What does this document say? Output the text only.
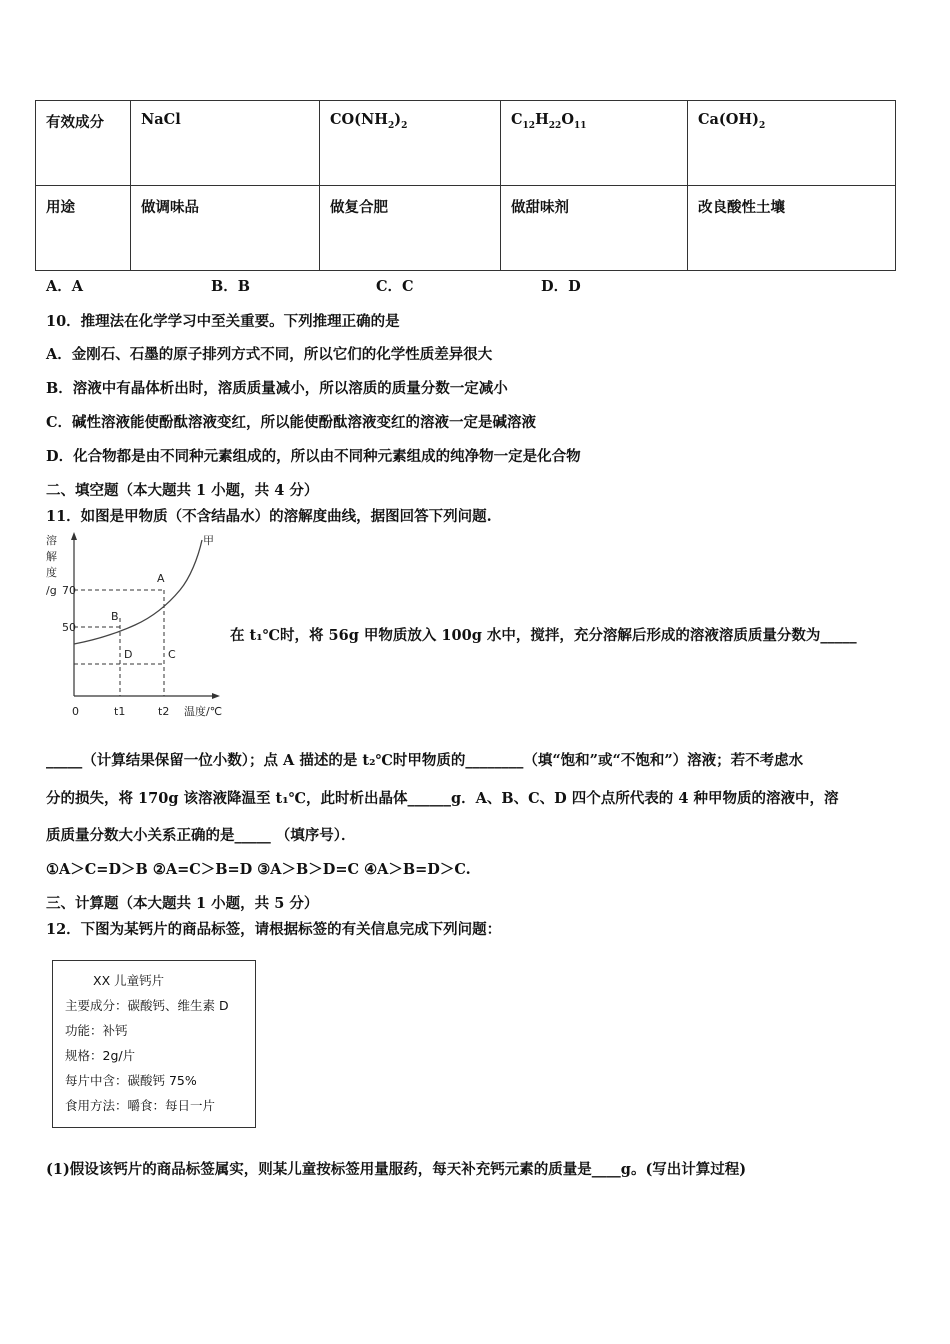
有效成分	NaCl	$CO(NH_2)_2$	$C_{12}H_{22}O_{11}$	$Ca(OH)_2$
用途	做调味品	做复合肥	做甜味剂	改良酸性土壤
A．A	B．B	C．C	D．D
10．推理法在化学学习中至关重要。下列推理正确的是
A．金刚石、石墨的原子排列方式不同，所以它们的化学性质差异很大
B．溶液中有晶体析出时，溶质质量减小，所以溶质的质量分数一定减小
C．碱性溶液能使酚酞溶液变红，所以能使酚酞溶液变红的溶液一定是碱溶液
D．化合物都是由不同种元素组成的，所以由不同种元素组成的纯净物一定是化合物
二、填空题（本大题共 1 小题，共 4 分）
11．如图是甲物质（不含结晶水）的溶解度曲线，据图回答下列问题.
溶
解
度
/g 70
50
0	t1	t2 温度/℃
A
B
C
D
甲
在 t₁℃时，将 56g 甲物质放入 100g 水中，搅拌，充分溶解后形成的溶液溶质质量分数为_____
_____（计算结果保留一位小数）；点 A 描述的是 t₂℃时甲物质的________（填“饱和”或“不饱和”）溶液；若不考虑水
分的损失，将 170g 该溶液降温至 t₁℃，此时析出晶体______g．A、B、C、D 四个点所代表的 4 种甲物质的溶液中，溶
质质量分数大小关系正确的是_____ （填序号）．
①A＞C=D＞B ②A=C＞B=D ③A＞B＞D=C ④A＞B=D＞C.
三、计算题（本大题共 1 小题，共 5 分）
12．下图为某钙片的商品标签，请根据标签的有关信息完成下列问题：
XX 儿童钙片
主要成分：碳酸钙、维生素 D
功能：补钙
规格：2g/片
每片中含：碳酸钙 75%
食用方法：嚼食：每日一片
(1)假设该钙片的商品标签属实，则某儿童按标签用量服药，每天补充钙元素的质量是____g。(写出计算过程)
